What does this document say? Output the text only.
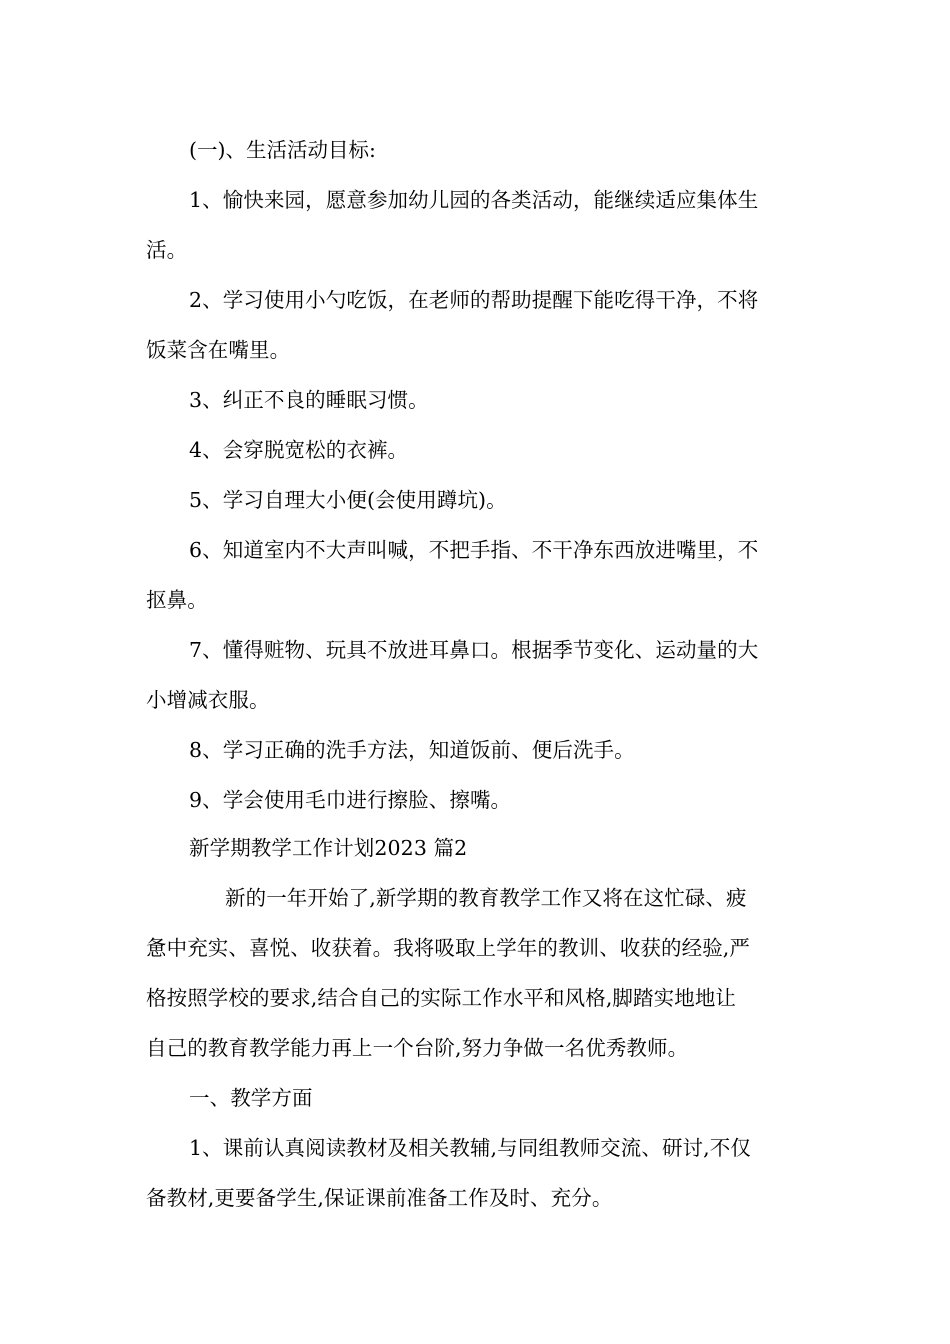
(一)、生活活动目标:
1、愉快来园，愿意参加幼儿园的各类活动，能继续适应集体生
活。
2、学习使用小勺吃饭，在老师的帮助提醒下能吃得干净，不将
饭菜含在嘴里。
3、纠正不良的睡眠习惯。
4、会穿脱宽松的衣裤。
5、学习自理大小便(会使用蹲坑)。
6、知道室内不大声叫喊，不把手指、不干净东西放进嘴里，不
抠鼻。
7、懂得赃物、玩具不放进耳鼻口。根据季节变化、运动量的大
小增减衣服。
8、学习正确的洗手方法，知道饭前、便后洗手。
9、学会使用毛巾进行擦脸、擦嘴。
新学期教学工作计划2023 篇2
新的一年开始了,新学期的教育教学工作又将在这忙碌、疲
惫中充实、喜悦、收获着。我将吸取上学年的教训、收获的经验,严
格按照学校的要求,结合自己的实际工作水平和风格,脚踏实地地让
自己的教育教学能力再上一个台阶,努力争做一名优秀教师。
一、教学方面
1、课前认真阅读教材及相关教辅,与同组教师交流、研讨,不仅
备教材,更要备学生,保证课前准备工作及时、充分。
